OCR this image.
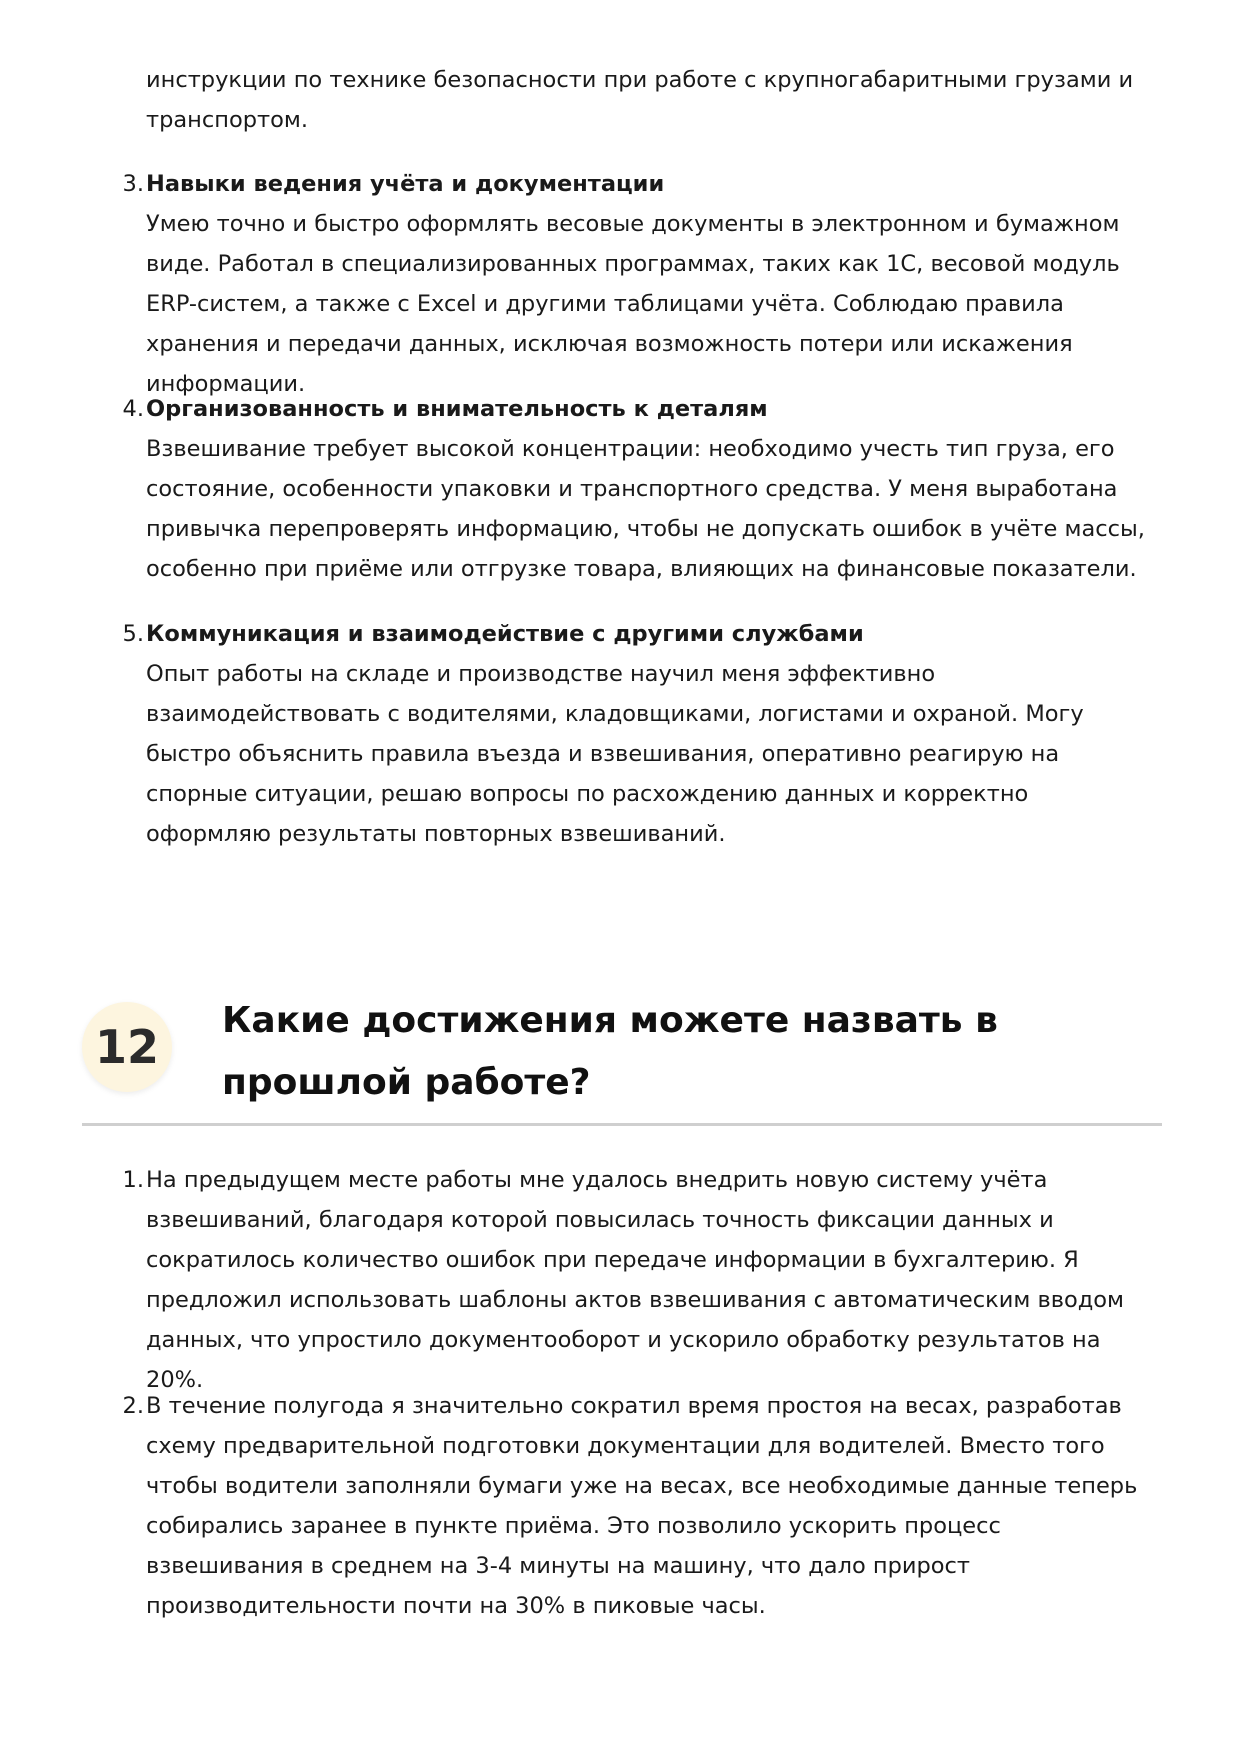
инструкции по технике безопасности при работе с крупногабаритными грузами и транспортом.

3. Навыки ведения учёта и документации
Умею точно и быстро оформлять весовые документы в электронном и бумажном виде. Работал в специализированных программах, таких как 1С, весовой модуль ERP-систем, а также с Excel и другими таблицами учёта. Соблюдаю правила хранения и передачи данных, исключая возможность потери или искажения информации.
4. Организованность и внимательность к деталям
Взвешивание требует высокой концентрации: необходимо учесть тип груза, его состояние, особенности упаковки и транспортного средства. У меня выработана привычка перепроверять информацию, чтобы не допускать ошибок в учёте массы, особенно при приёме или отгрузке товара, влияющих на финансовые показатели.
5. Коммуникация и взаимодействие с другими службами
Опыт работы на складе и производстве научил меня эффективно взаимодействовать с водителями, кладовщиками, логистами и охраной. Могу быстро объяснить правила въезда и взвешивания, оперативно реагирую на спорные ситуации, решаю вопросы по расхождению данных и корректно оформляю результаты повторных взвешиваний.
12	Какие достижения можете назвать в прошлой работе?
1. На предыдущем месте работы мне удалось внедрить новую систему учёта взвешиваний, благодаря которой повысилась точность фиксации данных и сократилось количество ошибок при передаче информации в бухгалтерию. Я предложил использовать шаблоны актов взвешивания с автоматическим вводом данных, что упростило документооборот и ускорило обработку результатов на 20%.
2. В течение полугода я значительно сократил время простоя на весах, разработав схему предварительной подготовки документации для водителей. Вместо того чтобы водители заполняли бумаги уже на весах, все необходимые данные теперь собирались заранее в пункте приёма. Это позволило ускорить процесс взвешивания в среднем на 3-4 минуты на машину, что дало прирост производительности почти на 30% в пиковые часы.
